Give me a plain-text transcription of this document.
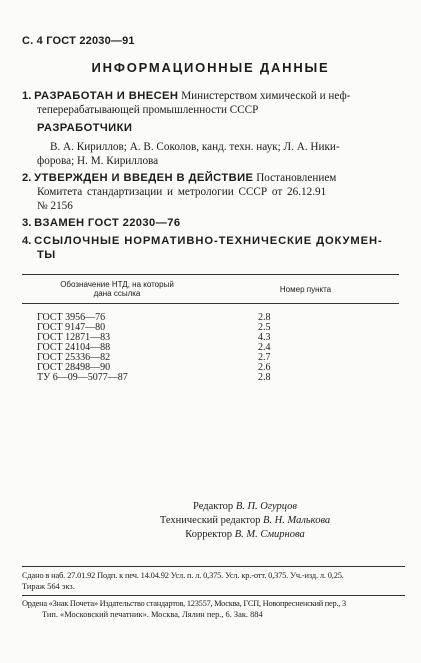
С. 4 ГОСТ 22030—91
ИНФОРМАЦИОННЫЕ ДАННЫЕ
1. РАЗРАБОТАН И ВНЕСЕН Министерством химической и неф-
теперерабатывающей промышленности СССР
РАЗРАБОТЧИКИ
В. А. Кириллов; А. В. Соколов, канд. техн. наук; Л. А. Ники-
форова; Н. М. Кириллова
2. УТВЕРЖДЕН И ВВЕДЕН В ДЕЙСТВИЕ Постановлением
Комитета стандартизации и метрологии СССР от 26.12.91
№ 2156
3. ВЗАМЕН ГОСТ 22030—76
4. ССЫЛОЧНЫЕ НОРМАТИВНО-ТЕХНИЧЕСКИЕ ДОКУМЕН-
ТЫ
Обозначение НТД, на который
дана ссылка	Номер пункта
ГОСТ 3956—76
ГОСТ 9147—80
ГОСТ 12871—83
ГОСТ 24104—88
ГОСТ 25336—82
ГОСТ 28498—90
ТУ 6—09—5077—87
2.8
2.5
4.3
2.4
2.7
2.6
2.8
Редактор В. П. Огурцов
Технический редактор В. Н. Малькова
Корректор В. М. Смирнова
Сдано в наб. 27.01.92 Подп. к печ. 14.04.92 Усл. п. л. 0,375. Усл. кр.-отт. 0,375. Уч.-изд. л. 0,25.
Тираж 564 экз.
Ордена «Знак Почета» Издательство стандартов, 123557, Москва, ГСП, Новопресненский пер., 3
Тип. «Московский печатник». Москва, Лялин пер., 6. Зак. 884
